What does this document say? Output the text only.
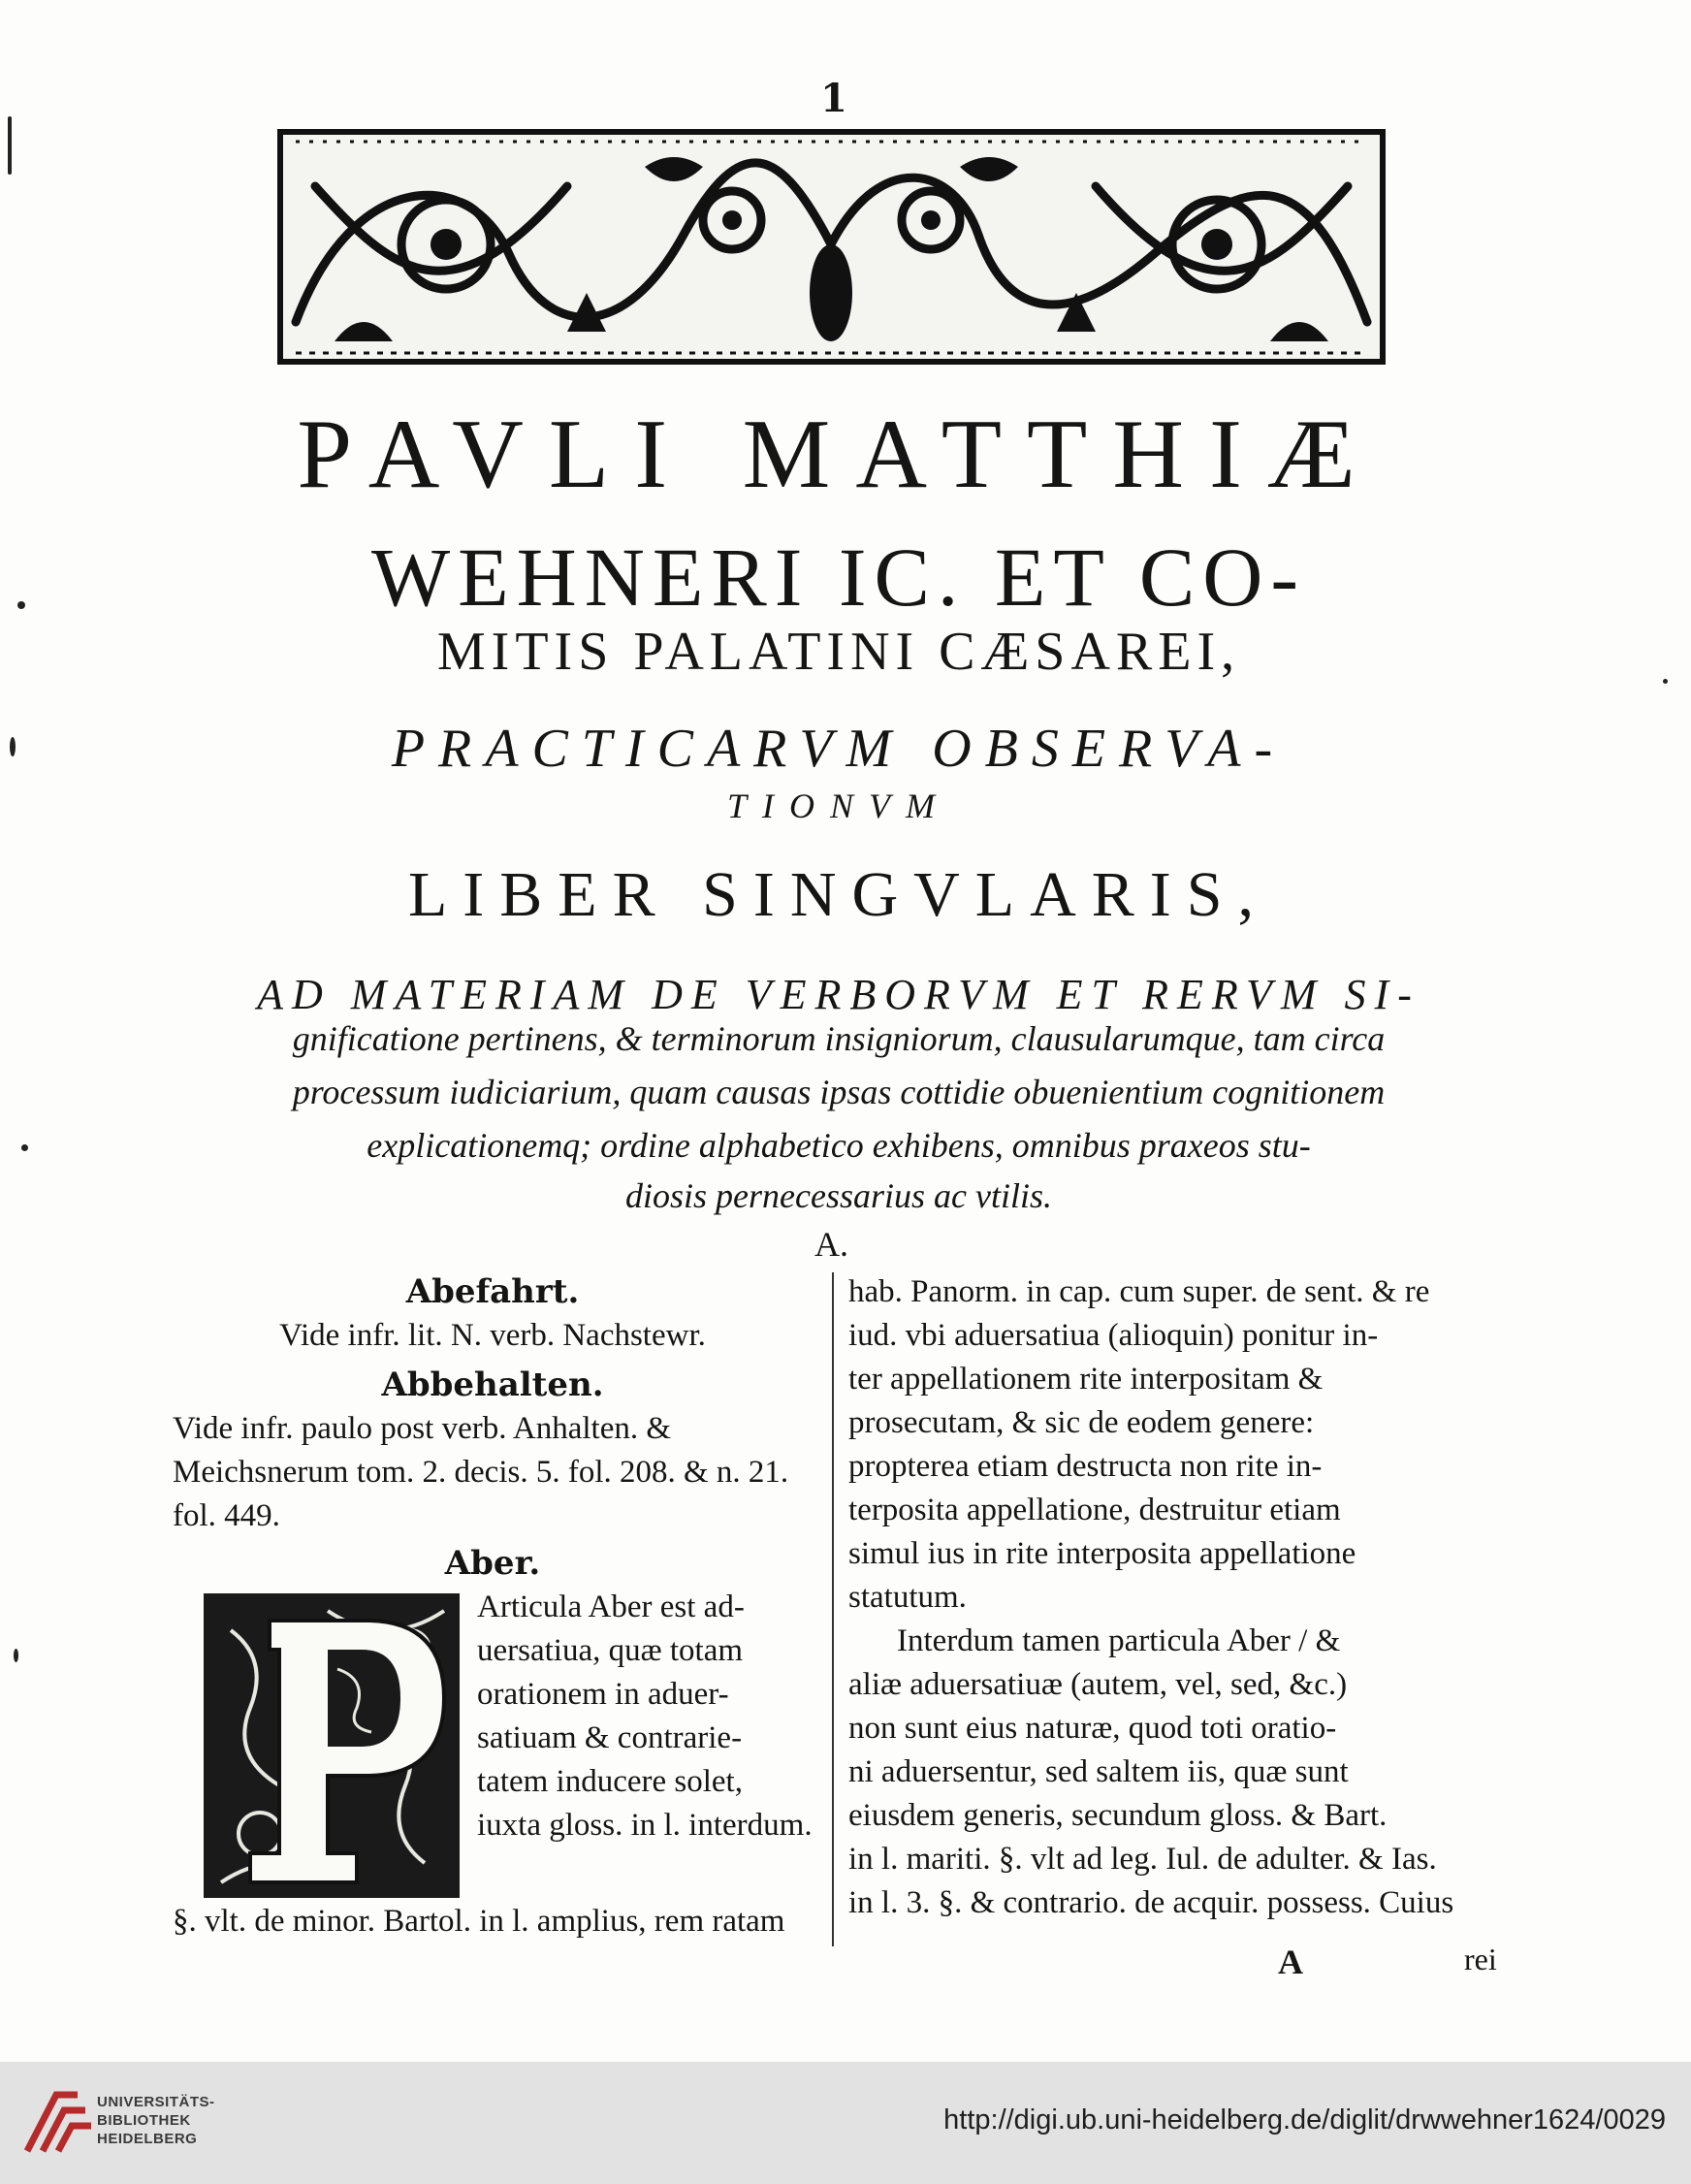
1
PAVLI MATTHIÆ
WEHNERI IC. ET CO-
MITIS PALATINI CÆSAREI,
PRACTICARVM OBSERVA-
TIONVM
LIBER SINGVLARIS,
AD MATERIAM DE VERBORVM ET RERVM SI-
gnificatione pertinens, & terminorum insigniorum, clausularumque, tam circa
processum iudiciarium, quam causas ipsas cottidie obuenientium cognitionem
explicationemq; ordine alphabetico exhibens, omnibus praxeos stu-
diosis pernecessarius ac vtilis.
A.
Abefahrt.
Vide infr. lit. N. verb. Nachstewr.
Abbehalten.
Vide infr. paulo post verb. Anhalten. &
Meichsnerum tom. 2. decis. 5. fol. 208. & n. 21.
fol. 449.
Aber.
Articula Aber est ad-
uersatiua, quæ totam
orationem in aduer-
satiuam & contrarie-
tatem inducere solet,
iuxta gloss. in l. interdum.
§. vlt. de minor. Bartol. in l. amplius, rem ratam
hab. Panorm. in cap. cum super. de sent. & re
iud. vbi aduersatiua (alioquin) ponitur in-
ter appellationem rite interpositam &
prosecutam, & sic de eodem genere:
propterea etiam destructa non rite in-
terposita appellatione, destruitur etiam
simul ius in rite interposita appellatione
statutum.
Interdum tamen particula Aber / &
aliæ aduersatiuæ (autem, vel, sed, &c.)
non sunt eius naturæ, quod toti oratio-
ni aduersentur, sed saltem iis, quæ sunt
eiusdem generis, secundum gloss. & Bart.
in l. mariti. §. vlt ad leg. Iul. de adulter. & Ias.
in l. 3. §. & contrario. de acquir. possess. Cuius
A	rei
UNIVERSITÄTS-
BIBLIOTHEK
HEIDELBERG
http://digi.ub.uni-heidelberg.de/diglit/drwwehner1624/0029
